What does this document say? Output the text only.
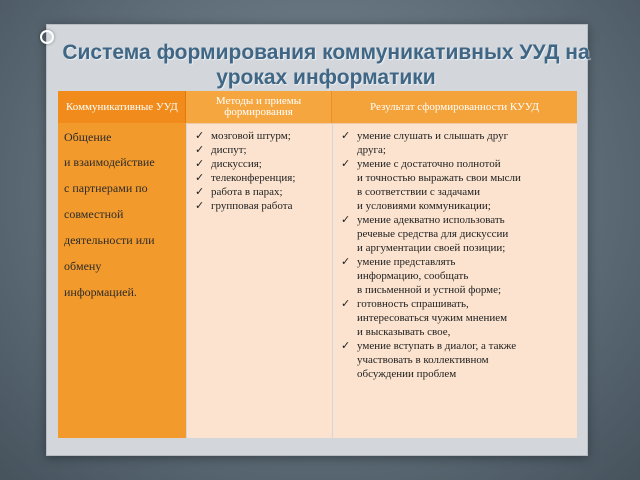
Система формирования коммуникативных УУД на уроках информатики
Коммуникативные УУД	Методы и приемы формирования	Результат сформированности КУУД
Общение
и взаимодействие
с партнерами по
совместной
деятельности или
обмену
информацией.
✓ мозговой штурм;
✓ диспут;
✓ дискуссия;
✓ телеконференция;
✓ работа в парах;
✓ групповая работа
✓ умение слушать и слышать друг
друга;
✓ умение с достаточно полнотой
и точностью выражать свои мысли
в соответствии с задачами
и условиями коммуникации;
✓ умение адекватно использовать
речевые средства для дискуссии
и аргументации своей позиции;
✓ умение представлять
информацию, сообщать
в письменной и устной форме;
✓ готовность спрашивать,
интересоваться чужим мнением
и высказывать свое,
✓ умение вступать в диалог, а также
участвовать в коллективном
обсуждении проблем
